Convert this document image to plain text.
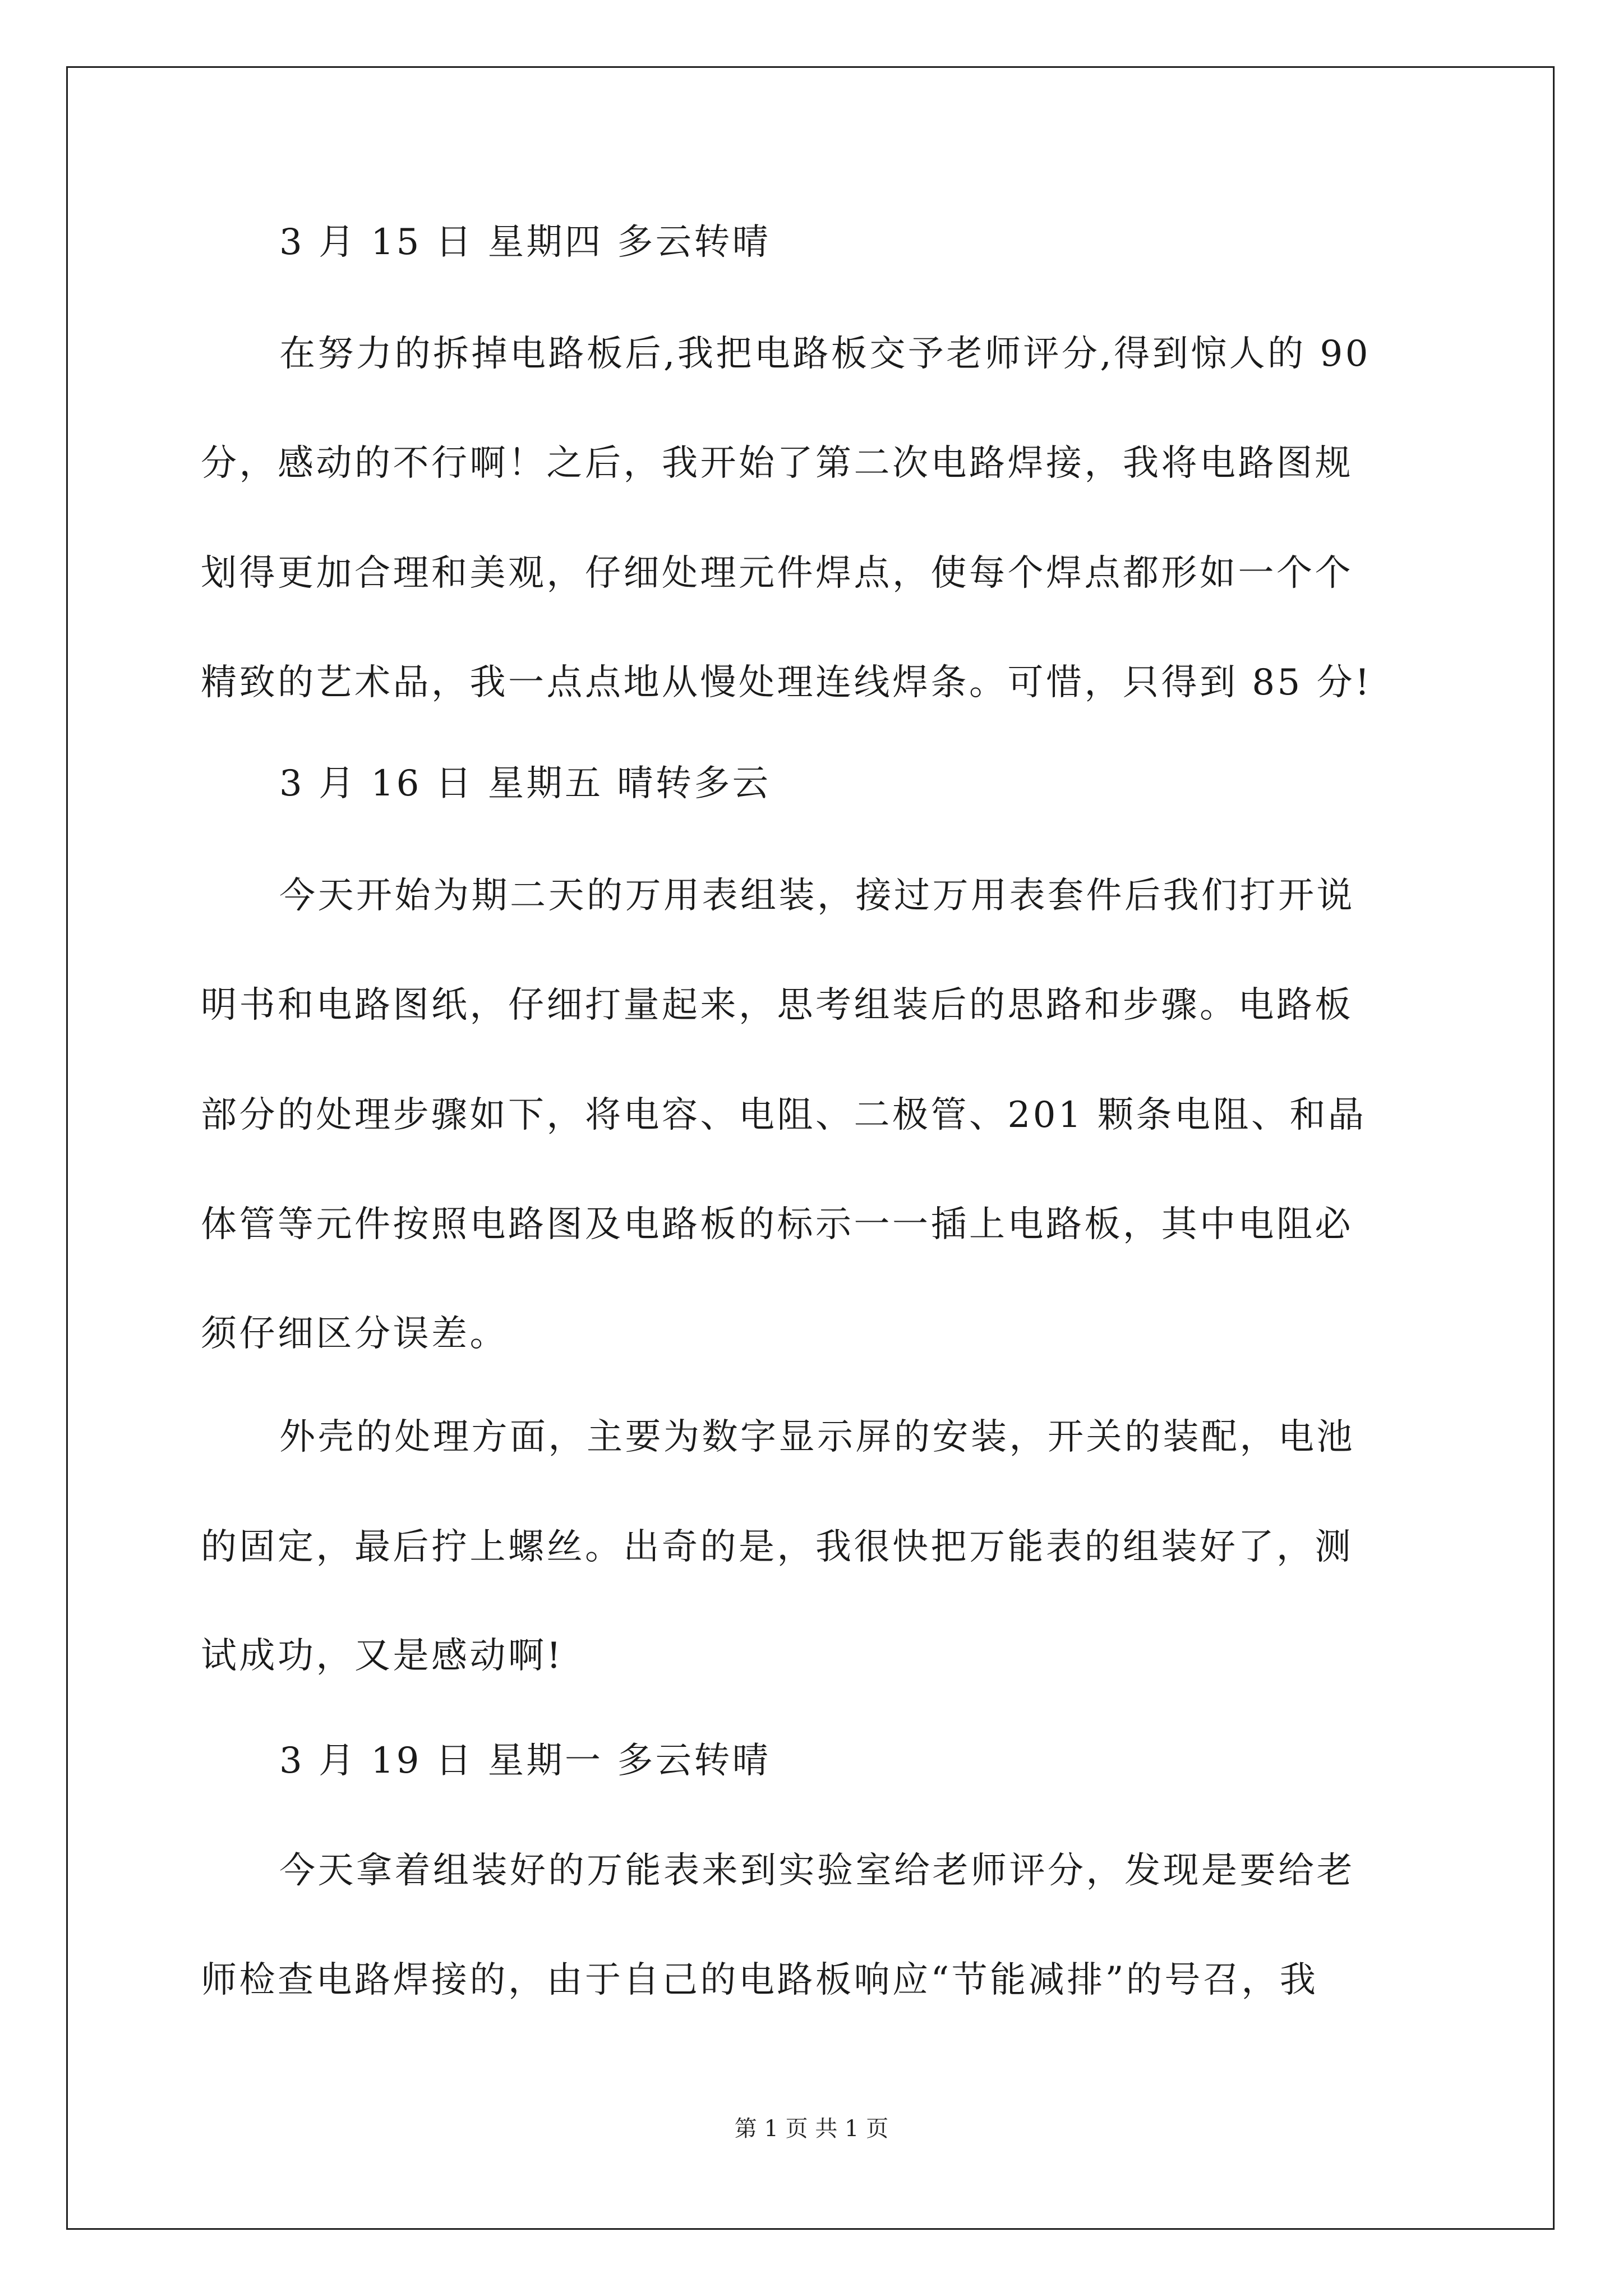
3 月 15 日 星期四 多云转晴
在努力的拆掉电路板后,我把电路板交予老师评分,得到惊人的 90
分，感动的不行啊！之后，我开始了第二次电路焊接，我将电路图规
划得更加合理和美观，仔细处理元件焊点，使每个焊点都形如一个个
精致的艺术品，我一点点地从慢处理连线焊条。可惜，只得到 85 分!
3 月 16 日 星期五 晴转多云
今天开始为期二天的万用表组装，接过万用表套件后我们打开说
明书和电路图纸，仔细打量起来，思考组装后的思路和步骤。电路板
部分的处理步骤如下，将电容、电阻、二极管、201 颗条电阻、和晶
体管等元件按照电路图及电路板的标示一一插上电路板，其中电阻必
须仔细区分误差。
外壳的处理方面，主要为数字显示屏的安装，开关的装配，电池
的固定，最后拧上螺丝。出奇的是，我很快把万能表的组装好了，测
试成功，又是感动啊!
3 月 19 日 星期一 多云转晴
今天拿着组装好的万能表来到实验室给老师评分，发现是要给老
师检查电路焊接的，由于自己的电路板响应“节能减排”的号召，我
第 1 页 共 1 页
